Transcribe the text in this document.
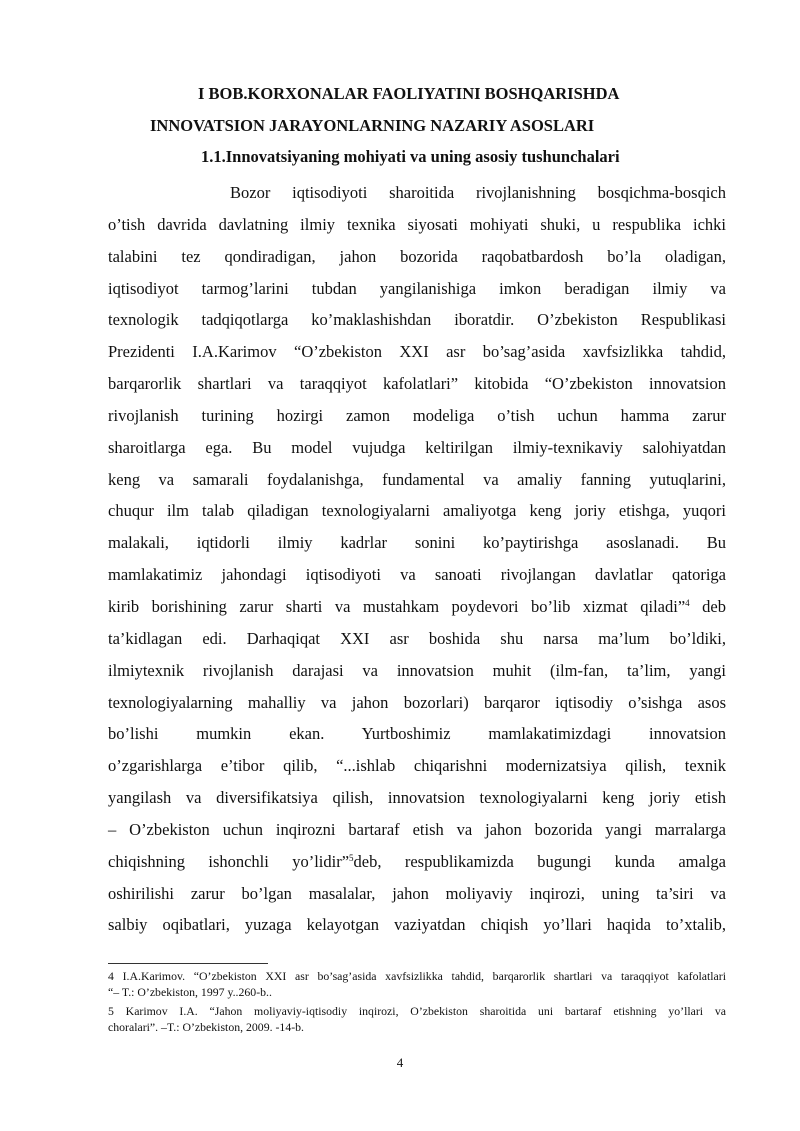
I BOB.KORXONALAR FAOLIYATINI BOSHQARISHDA
INNOVATSION JARAYONLARNING NAZARIY ASOSLARI
1.1.Innovatsiyaning mohiyati va uning asosiy tushunchalari
Bozor iqtisodiyoti sharoitida rivojlanishning bosqichma-bosqich
o’tish davrida davlatning ilmiy texnika siyosati mohiyati shuki, u respublika ichki
talabini tez qondiradigan, jahon bozorida raqobatbardosh bo’la oladigan,
iqtisodiyot tarmog’larini tubdan yangilanishiga imkon beradigan ilmiy va
texnologik tadqiqotlarga ko’maklashishdan iboratdir. O’zbekiston Respublikasi
Prezidenti I.A.Karimov “O’zbekiston XXI asr bo’sag’asida xavfsizlikka tahdid,
barqarorlik shartlari va taraqqiyot kafolatlari” kitobida “O’zbekiston innovatsion
rivojlanish turining hozirgi zamon modeliga o’tish uchun hamma zarur
sharoitlarga ega. Bu model vujudga keltirilgan ilmiy-texnikaviy salohiyatdan
keng va samarali foydalanishga, fundamental va amaliy fanning yutuqlarini,
chuqur ilm talab qiladigan texnologiyalarni amaliyotga keng joriy etishga, yuqori
malakali, iqtidorli ilmiy kadrlar sonini ko’paytirishga asoslanadi. Bu
mamlakatimiz jahondagi iqtisodiyoti va sanoati rivojlangan davlatlar qatoriga
kirib borishining zarur sharti va mustahkam poydevori bo’lib xizmat qiladi”$^4$ deb
ta’kidlagan edi. Darhaqiqat XXI asr boshida shu narsa ma’lum bo’ldiki,
ilmiytexnik rivojlanish darajasi va innovatsion muhit (ilm-fan, ta’lim, yangi
texnologiyalarning mahalliy va jahon bozorlari) barqaror iqtisodiy o’sishga asos
bo’lishi mumkin ekan. Yurtboshimiz mamlakatimizdagi innovatsion
o’zgarishlarga e’tibor qilib, “...ishlab chiqarishni modernizatsiya qilish, texnik
yangilash va diversifikatsiya qilish, innovatsion texnologiyalarni keng joriy etish
– O’zbekiston uchun inqirozni bartaraf etish va jahon bozorida yangi marralarga
chiqishning ishonchli yo’lidir”$^5$deb, respublikamizda bugungi kunda amalga
oshirilishi zarur bo’lgan masalalar, jahon moliyaviy inqirozi, uning ta’siri va
salbiy oqibatlari, yuzaga kelayotgan vaziyatdan chiqish yo’llari haqida to’xtalib,
4 I.A.Karimov. “O’zbekiston XXI asr bo’sag’asida xavfsizlikka tahdid, barqarorlik shartlari va taraqqiyot kafolatlari
“– T.: O’zbekiston, 1997 y..260-b..
5 Karimov I.A. “Jahon moliyaviy-iqtisodiy inqirozi, O’zbekiston sharoitida uni bartaraf etishning yo’llari va
choralari”. –T.: O’zbekiston, 2009. -14-b.
4
